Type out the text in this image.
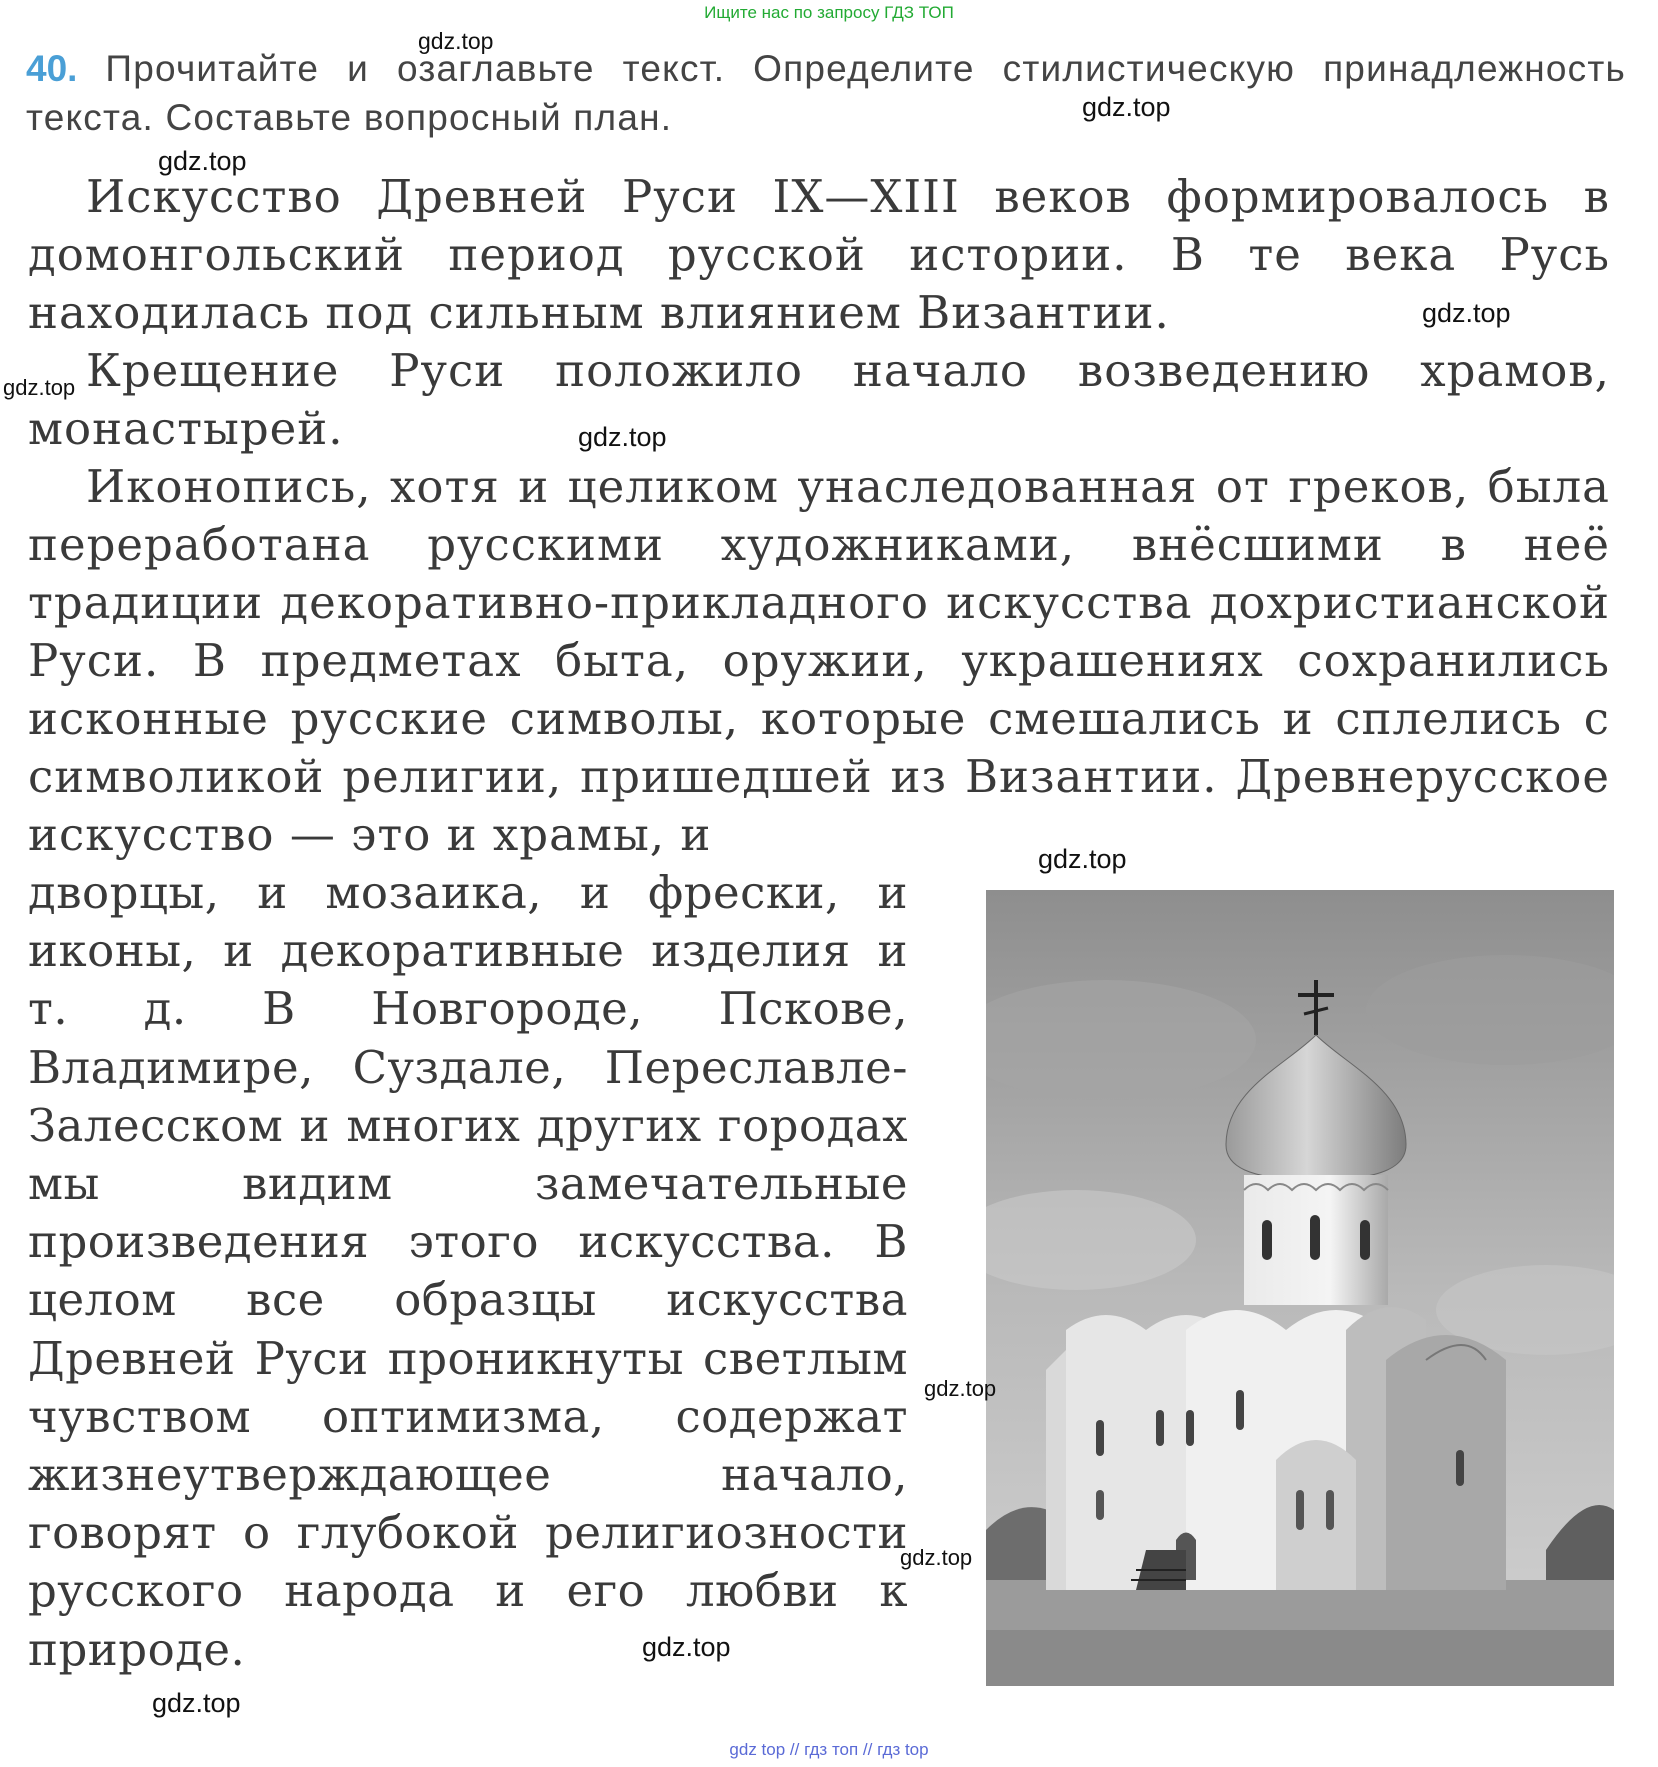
Ищите нас по запросу ГДЗ ТОП
40. Прочитайте и озаглавьте текст. Определите стилистическую принадлежность текста. Составьте вопросный план.

Искусство Древней Руси IX—XIII веков формировалось в домонгольский период русской истории. В те века Русь находилась под сильным влиянием Византии.

Крещение Руси положило начало возведению храмов, монастырей.

Иконопись, хотя и целиком унаследованная от греков, была переработана русскими художниками, внёсшими в неё традиции декоративно-прикладного искусства дохристианской Руси. В предметах быта, оружии, украшениях сохранились исконные русские символы, которые смешались и сплелись с символикой религии, пришедшей из Византии. Древнерусское искусство — это и храмы, и

дворцы, и мозаика, и фрески, и иконы, и декоративные изделия и т. д. В Новгороде, Пскове, Владимире, Суздале, Переславле-Залесском и многих других городах мы видим замечательные произведения этого искусства. В целом все образцы искусства Древней Руси проникнуты светлым чувством оптимизма, содержат жизнеутверждающее начало, говорят о глубокой религиозности русского народа и его любви к природе.
gdz.top
gdz.top
gdz.top
gdz.top
gdz.top
gdz.top
gdz.top
gdz.top
gdz.top
gdz.top
gdz.top
gdz top // гдз топ // гдз top
